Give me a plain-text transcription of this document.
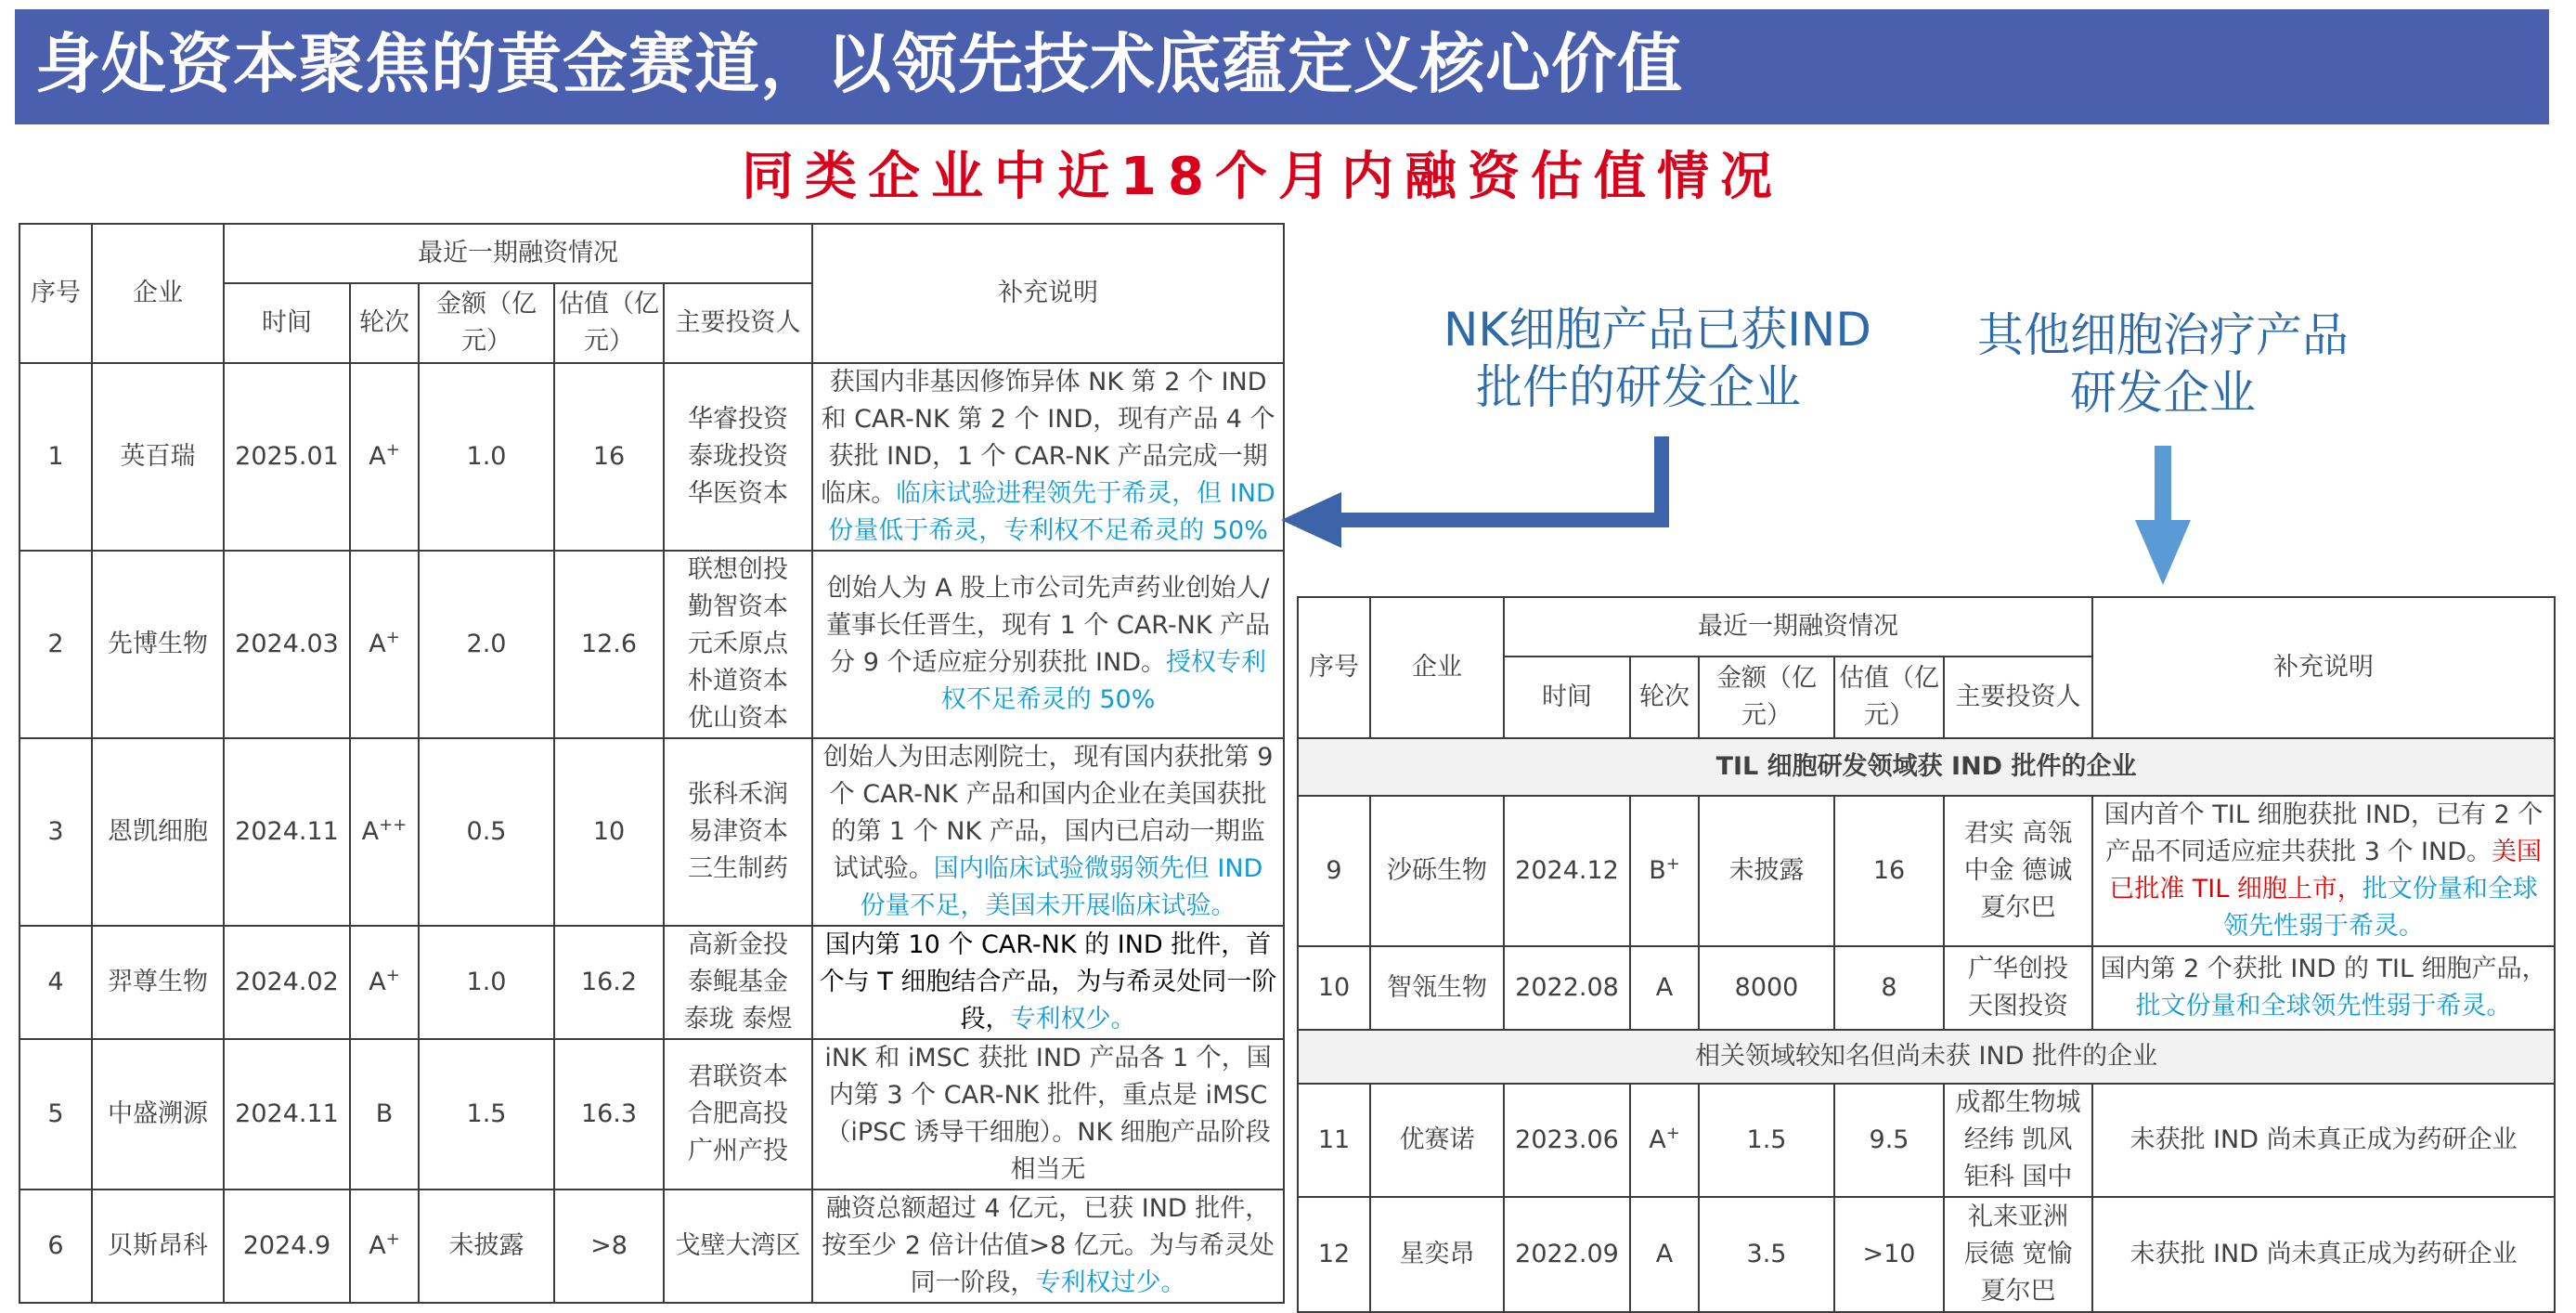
身处资本聚焦的黄金赛道，以领先技术底蕴定义核心价值
同类企业中近18个月内融资估值情况
序号	企业	最近一期融资情况					补充说明
		时间	轮次	金额（亿元）	估值（亿元）	主要投资人	
1	英百瑞	2025.01	A+	1.0	16	华睿投资
泰珑投资
华医资本	获国内非基因修饰异体 NK 第 2 个 IND 和 CAR-NK 第 2 个 IND，现有产品 4 个获批 IND，1 个 CAR-NK 产品完成一期临床。临床试验进程领先于希灵，但 IND 份量低于希灵，专利权不足希灵的 50%
2	先博生物	2024.03	A+	2.0	12.6	联想创投
勤智资本
元禾原点
朴道资本
优山资本	创始人为 A 股上市公司先声药业创始人/董事长任晋生，现有 1 个 CAR-NK 产品分 9 个适应症分别获批 IND。授权专利权不足希灵的 50%
3	恩凯细胞	2024.11	A++	0.5	10	张科禾润
易津资本
三生制药	创始人为田志刚院士，现有国内获批第 9 个 CAR-NK 产品和国内企业在美国获批的第 1 个 NK 产品，国内已启动一期监试试验。国内临床试验微弱领先但 IND 份量不足，美国未开展临床试验。
4	羿尊生物	2024.02	A+	1.0	16.2	高新金投
泰鲲基金
泰珑 泰煜	国内第 10 个 CAR-NK 的 IND 批件，首个与 T 细胞结合产品，为与希灵处同一阶段，专利权少。
5	中盛溯源	2024.11	B	1.5	16.3	君联资本
合肥高投
广州产投	iNK 和 iMSC 获批 IND 产品各 1 个，国内第 3 个 CAR-NK 批件，重点是 iMSC（iPSC 诱导干细胞）。NK 细胞产品阶段相当无
6	贝斯昂科	2024.9	A+	未披露	>8	戈壁大湾区	融资总额超过 4 亿元，已获 IND 批件，按至少 2 倍计估值>8 亿元。为与希灵处同一阶段，专利权过少。
序号	企业	最近一期融资情况					补充说明
		时间	轮次	金额（亿元）	估值（亿元）	主要投资人	
TIL 细胞研发领域获 IND 批件的企业							
9	沙砾生物	2024.12	B+	未披露	16	君实 高瓴
中金 德诚
夏尔巴	国内首个 TIL 细胞获批 IND，已有 2 个产品不同适应症共获批 3 个 IND。美国已批准 TIL 细胞上市，批文份量和全球领先性弱于希灵。
10	智瓴生物	2022.08	A	8000	8	广华创投
天图投资	国内第 2 个获批 IND 的 TIL 细胞产品，批文份量和全球领先性弱于希灵。
相关领域较知名但尚未获 IND 批件的企业							
11	优赛诺	2023.06	A+	1.5	9.5	成都生物城
经纬 凯风
钜科 国中	未获批 IND 尚未真正成为药研企业
12	星奕昂	2022.09	A	3.5	>10	礼来亚洲
辰德 宽愉
夏尔巴	未获批 IND 尚未真正成为药研企业
NK细胞产品已获IND
批件的研发企业
其他细胞治疗产品
研发企业
